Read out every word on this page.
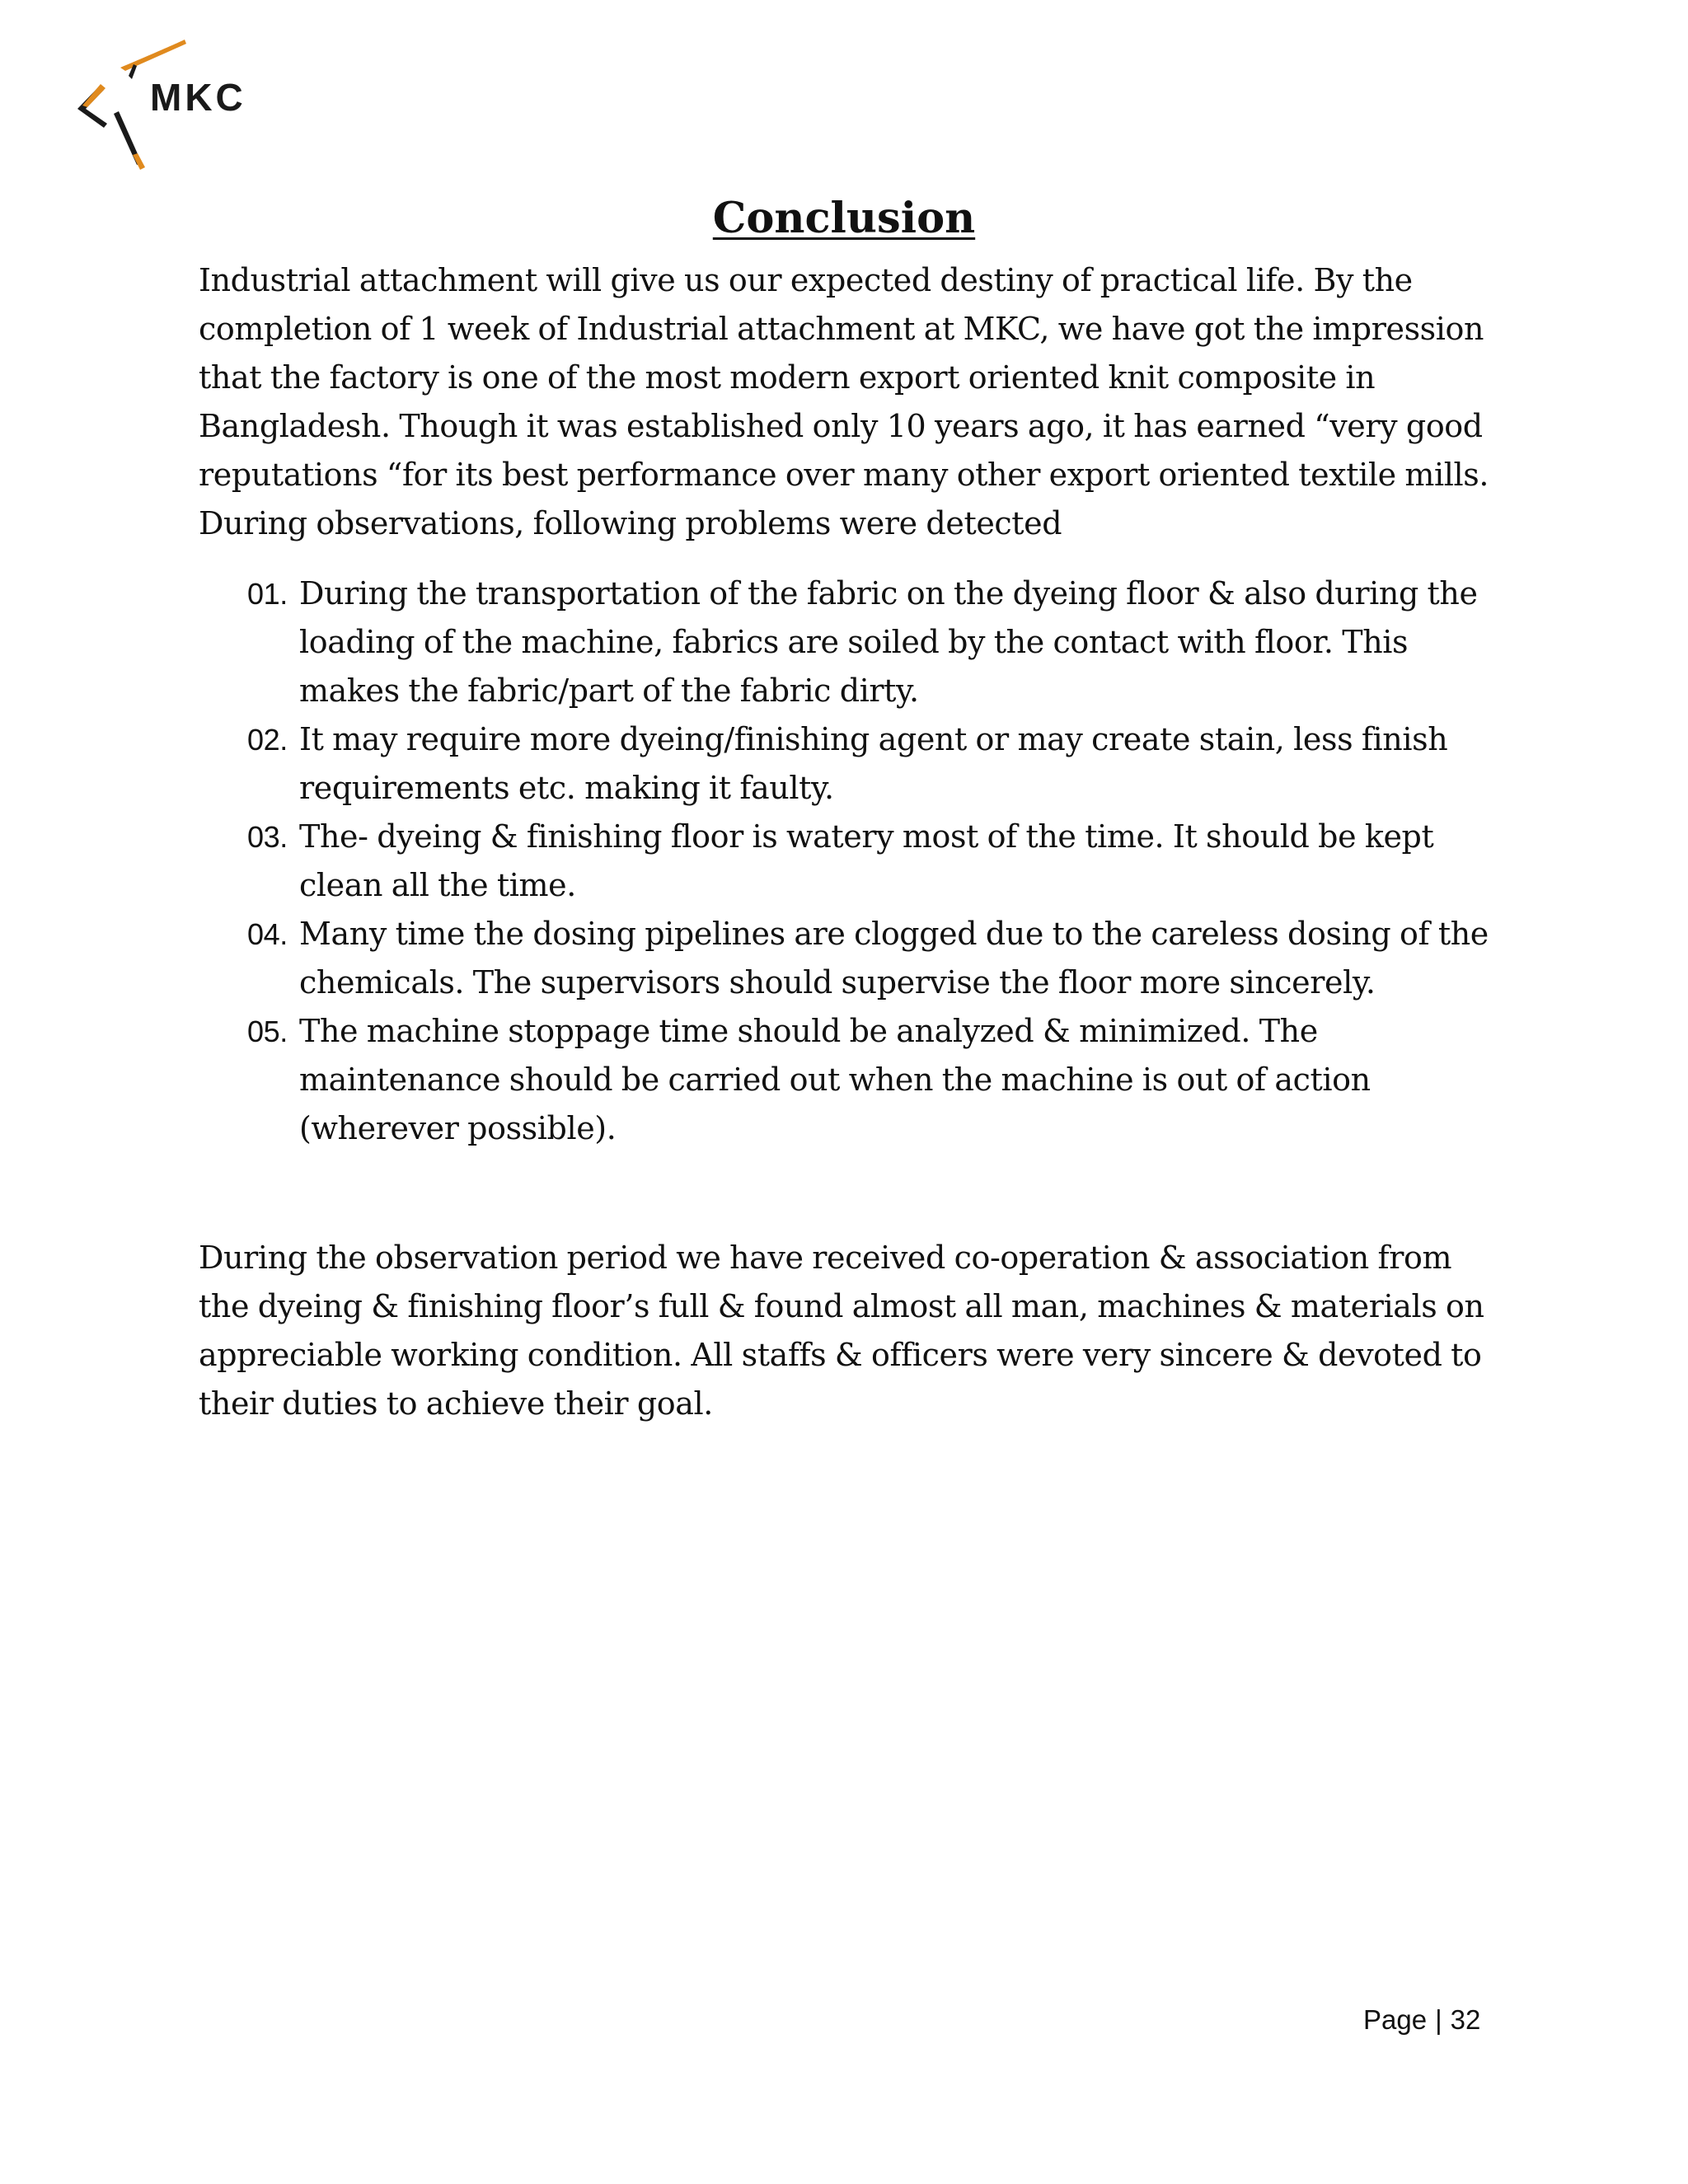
MKC
Conclusion

Industrial attachment will give us our expected destiny of practical life. By the completion of 1 week of Industrial attachment at MKC, we have got the impression that the factory is one of the most modern export oriented knit composite in Bangladesh. Though it was established only 10 years ago, it has earned “very good reputations “for its best performance over many other export oriented textile mills. During observations, following problems were detected

01. During the transportation of the fabric on the dyeing floor & also during the loading of the machine, fabrics are soiled by the contact with floor. This makes the fabric/part of the fabric dirty.
02. It may require more dyeing/finishing agent or may create stain, less finish requirements etc. making it faulty.
03. The- dyeing & finishing floor is watery most of the time. It should be kept clean all the time.
04. Many time the dosing pipelines are clogged due to the careless dosing of the chemicals. The supervisors should supervise the floor more sincerely.
05. The machine stoppage time should be analyzed & minimized. The maintenance should be carried out when the machine is out of action (wherever possible).

During the observation period we have received co-operation & association from the dyeing & finishing floor’s full & found almost all man, machines & materials on appreciable working condition. All staffs & officers were very sincere & devoted to their duties to achieve their goal.

Page | 32
